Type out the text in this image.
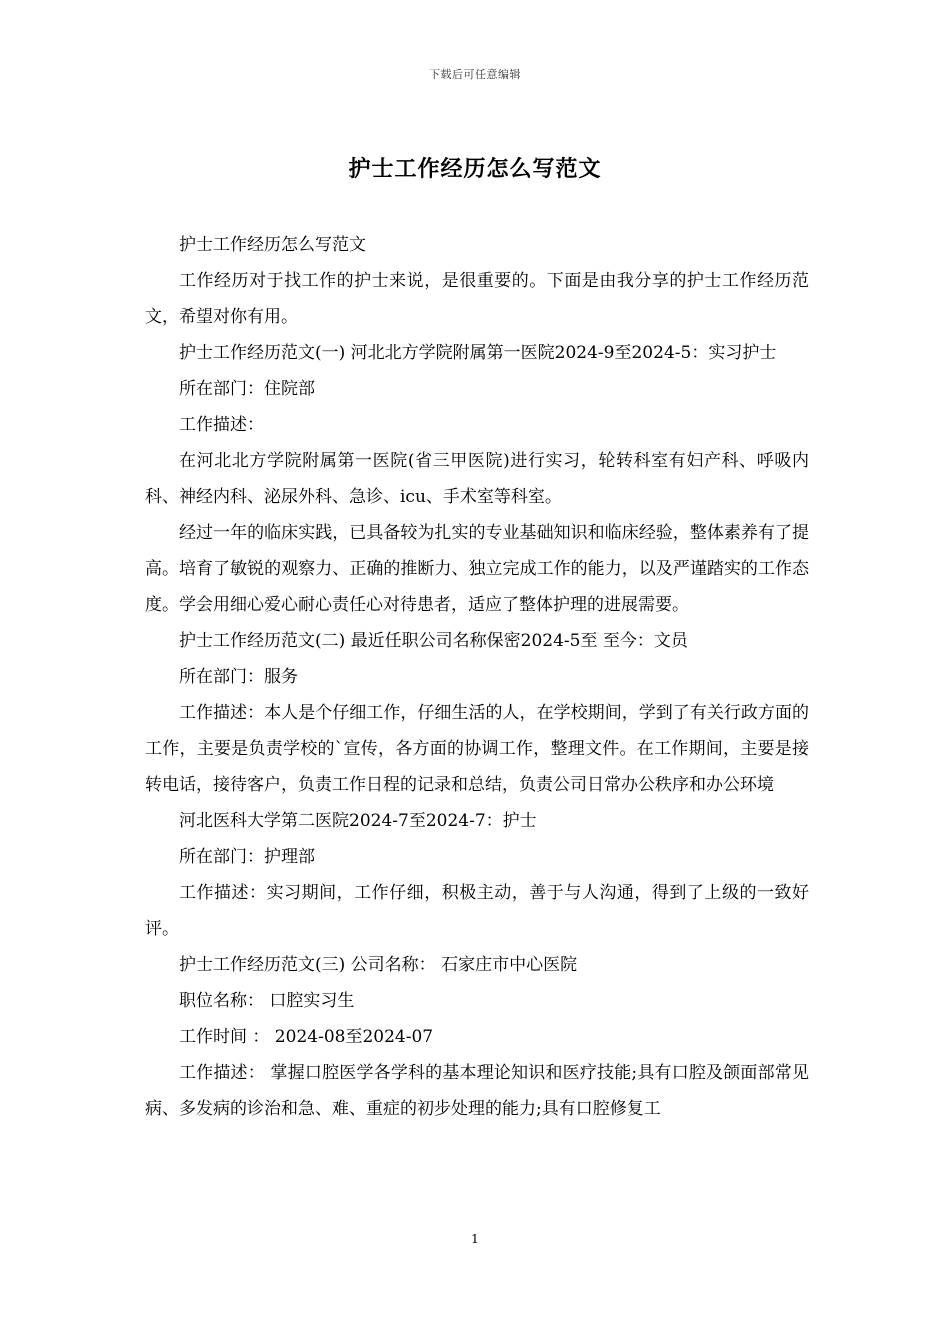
下载后可任意编辑
护士工作经历怎么写范文

护士工作经历怎么写范文

工作经历对于找工作的护士来说，是很重要的。下面是由我分享的护士工作经历范文，希望对你有用。

护士工作经历范文(一) 河北北方学院附属第一医院2024-9至2024-5：实习护士

所在部门：住院部

工作描述：

在河北北方学院附属第一医院(省三甲医院)进行实习，轮转科室有妇产科、呼吸内科、神经内科、泌尿外科、急诊、icu、手术室等科室。

经过一年的临床实践，已具备较为扎实的专业基础知识和临床经验，整体素养有了提高。培育了敏锐的观察力、正确的推断力、独立完成工作的能力，以及严谨踏实的工作态度。学会用细心爱心耐心责任心对待患者，适应了整体护理的进展需要。

护士工作经历范文(二) 最近任职公司名称保密2024-5至 至今：文员

所在部门：服务

工作描述：本人是个仔细工作，仔细生活的人，在学校期间，学到了有关行政方面的工作，主要是负责学校的`宣传，各方面的协调工作，整理文件。在工作期间，主要是接转电话，接待客户，负责工作日程的记录和总结，负责公司日常办公秩序和办公环境

河北医科大学第二医院2024-7至2024-7：护士

所在部门：护理部

工作描述：实习期间，工作仔细，积极主动，善于与人沟通，得到了上级的一致好评。

护士工作经历范文(三) 公司名称： 石家庄市中心医院

职位名称： 口腔实习生

工作时间 ： 2024-08至2024-07

工作描述： 掌握口腔医学各学科的基本理论知识和医疗技能;具有口腔及颌面部常见病、多发病的诊治和急、难、重症的初步处理的能力;具有口腔修复工

1
